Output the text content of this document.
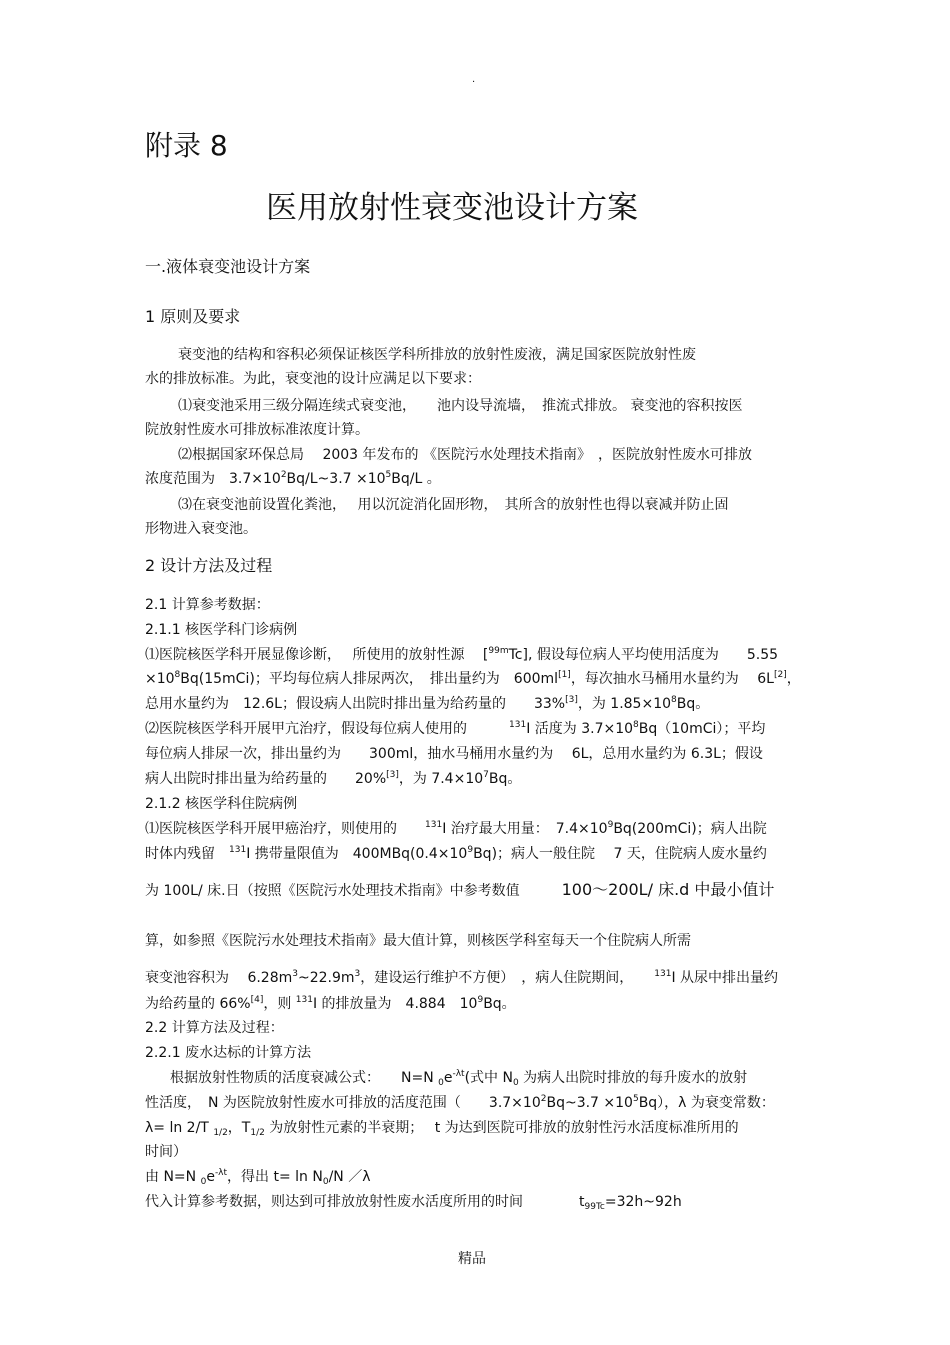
.
附录 8
医用放射性衰变池设计方案
一.液体衰变池设计方案
1 原则及要求
衰变池的结构和容积必须保证核医学科所排放的放射性废液，满足国家医院放射性废
水的排放标准。为此，衰变池的设计应满足以下要求：
⑴衰变池采用三级分隔连续式衰变池，　　池内设导流墙，　推流式排放。 衰变池的容积按医
院放射性废水可排放标准浓度计算。
⑵根据国家环保总局　 2003 年发布的 《医院污水处理技术指南》　，医院放射性废水可排放
浓度范围为　$3.7\times 10^2Bq/L\sim 3.7 \times 10^5Bq/L$ 。
⑶在衰变池前设置化粪池，　 用以沉淀消化固形物，　其所含的放射性也得以衰减并防止固
形物进入衰变池。
2 设计方法及过程
2.1 计算参考数据：
2.1.1 核医学科门诊病例
⑴医院核医学科开展显像诊断，　 所使用的放射性源 　[$^{99m}$Tc], 假设每位病人平均使用活度为　　5.55
$\times 10^8Bq(15mCi)$；平均每位病人排尿两次，　排出量约为　600ml[1]，每次抽水马桶用水量约为　 6L[2]，
总用水量约为　12.6L；假设病人出院时排出量为给药量的　　33%[3]，为 $1.85\times 10^8Bq$。
⑵医院核医学科开展甲亢治疗，假设每位病人使用的　　　$^{131}$I 活度为 $3.7\times 10^8Bq(10mCi)$；平均
每位病人排尿一次，排出量约为　　300ml，抽水马桶用水量约为　 6L，总用水量约为 6.3L；假设
病人出院时排出量为给药量的　　20%[3]，为 $7.4\times 10^7Bq$。
2.1.2 核医学科住院病例
⑴医院核医学科开展甲癌治疗，则使用的　　$^{131}$I 治疗最大用量：　$7.4\times 10^9Bq(200mCi)$；病人出院
时体内残留　$^{131}$I 携带量限值为　$400MBq(0.4\times 10^9Bq)$；病人一般住院　 7 天，住院病人废水量约
为 100L/ 床.日（按照《医院污水处理技术指南》中参考数值　　　100～200L/ 床.d 中最小值计
算，如参照《医院污水处理技术指南》最大值计算，则核医学科室每天一个住院病人所需
衰变池容积为　 $6.28m^3\sim 22.9m^3$，建设运行维护不方便）　，病人住院期间，　　$^{131}$I 从尿中排出量约
为给药量的 66%[4]，则 $^{131}$I 的排放量为　4.884　$10^9Bq$。
2.2 计算方法及过程：
2.2.1 废水达标的计算方法
根据放射性物质的活度衰减公式：　　N=N $_0e^{-\lambda t}$(式中 $N_0$ 为病人出院时排放的每升废水的放射
性活度，　N 为医院放射性废水可排放的活度范围（　　$3.7\times 10^2Bq\sim 3.7 \times 10^5Bq$），λ 为衰变常数：
λ= ln 2/T $_{1/2}$，$T_{1/2}$ 为放射性元素的半衰期；　 t 为达到医院可排放的放射性污水活度标准所用的
时间）
由 N=N $_0e^{-\lambda t}$，得出 $t= \ln N_0/N$ ／λ
代入计算参考数据，则达到可排放放射性废水活度所用的时间　　　　$t_{99Tc}=32h\sim 92h$
精品
